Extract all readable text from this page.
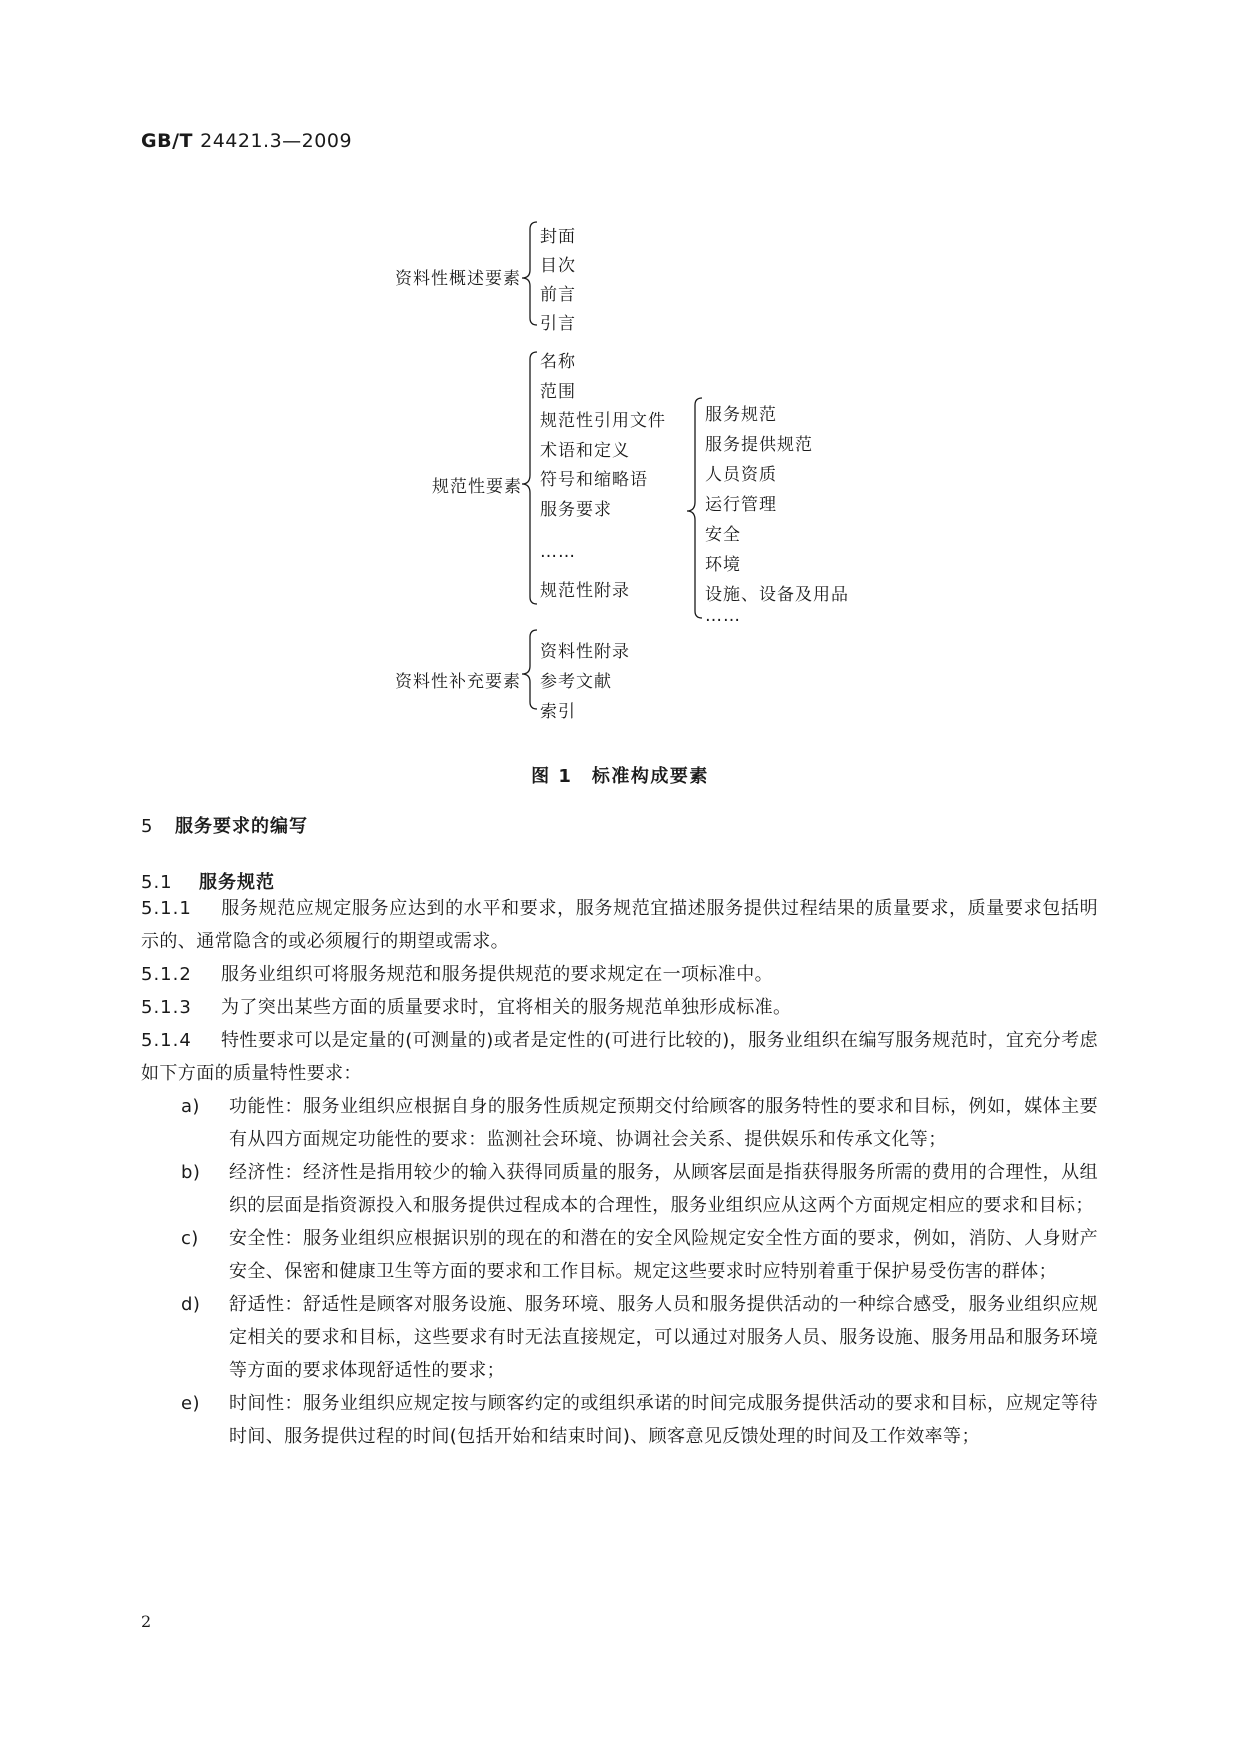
GB/T 24421.3—2009
资料性概述要素
封面
目次
前言
引言
规范性要素
名称
范围
规范性引用文件
术语和定义
符号和缩略语
服务要求
……
规范性附录
服务规范
服务提供规范
人员资质
运行管理
安全
环境
设施、设备及用品
……
资料性补充要素
资料性附录
参考文献
索引
图 1　标准构成要素
5 服务要求的编写
5.1 服务规范
5.1.1 服务规范应规定服务应达到的水平和要求，服务规范宜描述服务提供过程结果的质量要求，质量要求包括明示的、通常隐含的或必须履行的期望或需求。
5.1.2 服务业组织可将服务规范和服务提供规范的要求规定在一项标准中。
5.1.3 为了突出某些方面的质量要求时，宜将相关的服务规范单独形成标准。
5.1.4 特性要求可以是定量的(可测量的)或者是定性的(可进行比较的)，服务业组织在编写服务规范时，宜充分考虑如下方面的质量特性要求：
a) 功能性：服务业组织应根据自身的服务性质规定预期交付给顾客的服务特性的要求和目标，例如，媒体主要有从四方面规定功能性的要求：监测社会环境、协调社会关系、提供娱乐和传承文化等；
b) 经济性：经济性是指用较少的输入获得同质量的服务，从顾客层面是指获得服务所需的费用的合理性，从组织的层面是指资源投入和服务提供过程成本的合理性，服务业组织应从这两个方面规定相应的要求和目标；
c) 安全性：服务业组织应根据识别的现在的和潜在的安全风险规定安全性方面的要求，例如，消防、人身财产安全、保密和健康卫生等方面的要求和工作目标。规定这些要求时应特别着重于保护易受伤害的群体；
d) 舒适性：舒适性是顾客对服务设施、服务环境、服务人员和服务提供活动的一种综合感受，服务业组织应规定相关的要求和目标，这些要求有时无法直接规定，可以通过对服务人员、服务设施、服务用品和服务环境等方面的要求体现舒适性的要求；
e) 时间性：服务业组织应规定按与顾客约定的或组织承诺的时间完成服务提供活动的要求和目标，应规定等待时间、服务提供过程的时间(包括开始和结束时间)、顾客意见反馈处理的时间及工作效率等；
2
